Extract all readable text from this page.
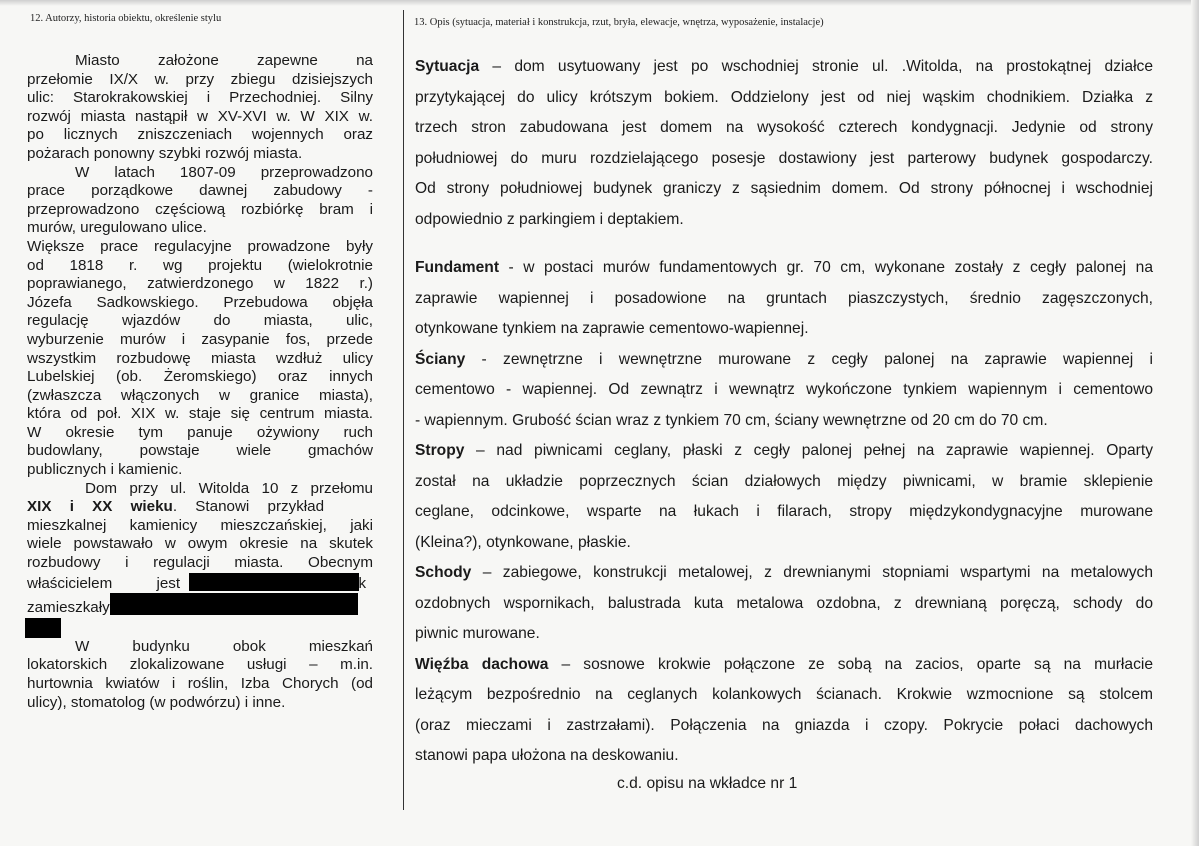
12. Autorzy, historia obiektu, określenie stylu	13. Opis (sytuacja, materiał i konstrukcja, rzut, bryła, elewacje, wnętrza, wyposażenie, instalacje)
Miasto założone zapewne na
przełomie IX/X w. przy zbiegu dzisiejszych
ulic: Starokrakowskiej i Przechodniej. Silny
rozwój miasta nastąpił w XV-XVI w. W XIX w.
po licznych zniszczeniach wojennych oraz
pożarach ponowny szybki rozwój miasta.
W latach 1807-09 przeprowadzono
prace porządkowe dawnej zabudowy -
przeprowadzono częściową rozbiórkę bram i
murów, uregulowano ulice.
Większe prace regulacyjne prowadzone były
od 1818 r. wg projektu (wielokrotnie
poprawianego, zatwierdzonego w 1822 r.)
Józefa Sadkowskiego. Przebudowa objęła
regulację wjazdów do miasta, ulic,
wyburzenie murów i zasypanie fos, przede
wszystkim rozbudowę miasta wzdłuż ulicy
Lubelskiej (ob. Żeromskiego) oraz innych
(zwłaszcza włączonych w granice miasta),
która od poł. XIX w. staje się centrum miasta.
W okresie tym panuje ożywiony ruch
budowlany, powstaje wiele gmachów
publicznych i kamienic.
Dom przy ul. Witolda 10 z przełomu
XIX i XX wieku. Stanowi przykład
mieszkalnej kamienicy mieszczańskiej, jaki
wiele powstawało w owym okresie na skutek
rozbudowy i regulacji miasta. Obecnym
właścicielem jest	k
zamieszkały
W budynku obok mieszkań
lokatorskich zlokalizowane usługi – m.in.
hurtownia kwiatów i roślin, Izba Chorych (od
ulicy), stomatolog (w podwórzu) i inne.
Sytuacja – dom usytuowany jest po wschodniej stronie ul. .Witolda, na prostokątnej działce
przytykającej do ulicy krótszym bokiem. Oddzielony jest od niej wąskim chodnikiem. Działka z
trzech stron zabudowana jest domem na wysokość czterech kondygnacji. Jedynie od strony
południowej do muru rozdzielającego posesje dostawiony jest parterowy budynek gospodarczy.
Od strony południowej budynek graniczy z sąsiednim domem. Od strony północnej i wschodniej
odpowiednio z parkingiem i deptakiem.
Fundament - w postaci murów fundamentowych gr. 70 cm, wykonane zostały z cegły palonej na
zaprawie wapiennej i posadowione na gruntach piaszczystych, średnio zagęszczonych,
otynkowane tynkiem na zaprawie cementowo-wapiennej.
Ściany - zewnętrzne i wewnętrzne murowane z cegły palonej na zaprawie wapiennej i
cementowo - wapiennej. Od zewnątrz i wewnątrz wykończone tynkiem wapiennym i cementowo
- wapiennym. Grubość ścian wraz z tynkiem 70 cm, ściany wewnętrzne od 20 cm do 70 cm.
Stropy – nad piwnicami ceglany, płaski z cegły palonej pełnej na zaprawie wapiennej. Oparty
został na układzie poprzecznych ścian działowych między piwnicami, w bramie sklepienie
ceglane, odcinkowe, wsparte na łukach i filarach, stropy międzykondygnacyjne murowane
(Kleina?), otynkowane, płaskie.
Schody – zabiegowe, konstrukcji metalowej, z drewnianymi stopniami wspartymi na metalowych
ozdobnych wspornikach, balustrada kuta metalowa ozdobna, z drewnianą poręczą, schody do
piwnic murowane.
Więźba dachowa – sosnowe krokwie połączone ze sobą na zacios, oparte są na murłacie
leżącym bezpośrednio na ceglanych kolankowych ścianach. Krokwie wzmocnione są stolcem
(oraz mieczami i zastrzałami). Połączenia na gniazda i czopy. Pokrycie połaci dachowych
stanowi papa ułożona na deskowaniu.
c.d. opisu na wkładce nr 1
